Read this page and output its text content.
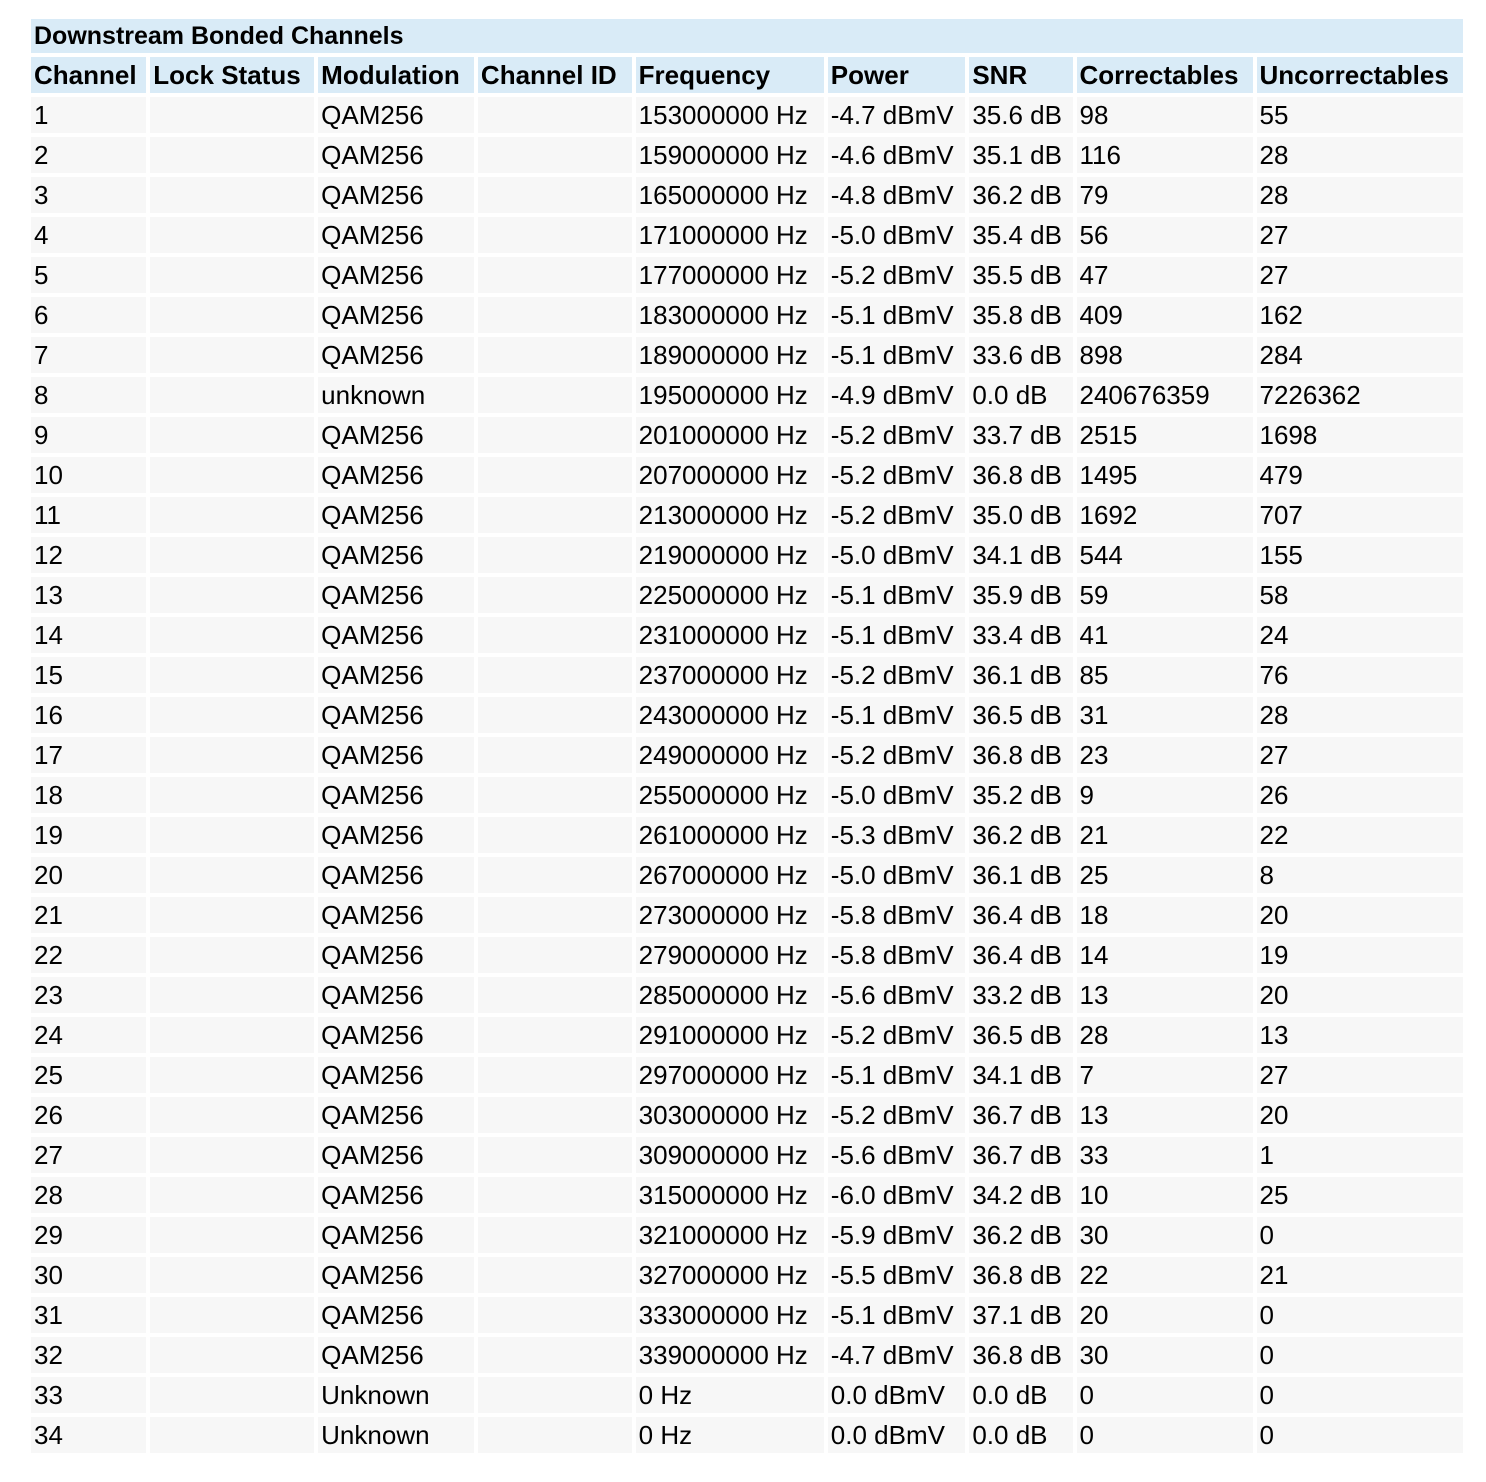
Downstream Bonded Channels								
Channel	Lock Status	Modulation	Channel ID	Frequency	Power	SNR	Correctables	Uncorrectables
1		QAM256		153000000 Hz	-4.7 dBmV	35.6 dB	98	55
2		QAM256		159000000 Hz	-4.6 dBmV	35.1 dB	116	28
3		QAM256		165000000 Hz	-4.8 dBmV	36.2 dB	79	28
4		QAM256		171000000 Hz	-5.0 dBmV	35.4 dB	56	27
5		QAM256		177000000 Hz	-5.2 dBmV	35.5 dB	47	27
6		QAM256		183000000 Hz	-5.1 dBmV	35.8 dB	409	162
7		QAM256		189000000 Hz	-5.1 dBmV	33.6 dB	898	284
8		unknown		195000000 Hz	-4.9 dBmV	0.0 dB	240676359	7226362
9		QAM256		201000000 Hz	-5.2 dBmV	33.7 dB	2515	1698
10		QAM256		207000000 Hz	-5.2 dBmV	36.8 dB	1495	479
11		QAM256		213000000 Hz	-5.2 dBmV	35.0 dB	1692	707
12		QAM256		219000000 Hz	-5.0 dBmV	34.1 dB	544	155
13		QAM256		225000000 Hz	-5.1 dBmV	35.9 dB	59	58
14		QAM256		231000000 Hz	-5.1 dBmV	33.4 dB	41	24
15		QAM256		237000000 Hz	-5.2 dBmV	36.1 dB	85	76
16		QAM256		243000000 Hz	-5.1 dBmV	36.5 dB	31	28
17		QAM256		249000000 Hz	-5.2 dBmV	36.8 dB	23	27
18		QAM256		255000000 Hz	-5.0 dBmV	35.2 dB	9	26
19		QAM256		261000000 Hz	-5.3 dBmV	36.2 dB	21	22
20		QAM256		267000000 Hz	-5.0 dBmV	36.1 dB	25	8
21		QAM256		273000000 Hz	-5.8 dBmV	36.4 dB	18	20
22		QAM256		279000000 Hz	-5.8 dBmV	36.4 dB	14	19
23		QAM256		285000000 Hz	-5.6 dBmV	33.2 dB	13	20
24		QAM256		291000000 Hz	-5.2 dBmV	36.5 dB	28	13
25		QAM256		297000000 Hz	-5.1 dBmV	34.1 dB	7	27
26		QAM256		303000000 Hz	-5.2 dBmV	36.7 dB	13	20
27		QAM256		309000000 Hz	-5.6 dBmV	36.7 dB	33	1
28		QAM256		315000000 Hz	-6.0 dBmV	34.2 dB	10	25
29		QAM256		321000000 Hz	-5.9 dBmV	36.2 dB	30	0
30		QAM256		327000000 Hz	-5.5 dBmV	36.8 dB	22	21
31		QAM256		333000000 Hz	-5.1 dBmV	37.1 dB	20	0
32		QAM256		339000000 Hz	-4.7 dBmV	36.8 dB	30	0
33		Unknown		0 Hz	0.0 dBmV	0.0 dB	0	0
34		Unknown		0 Hz	0.0 dBmV	0.0 dB	0	0
